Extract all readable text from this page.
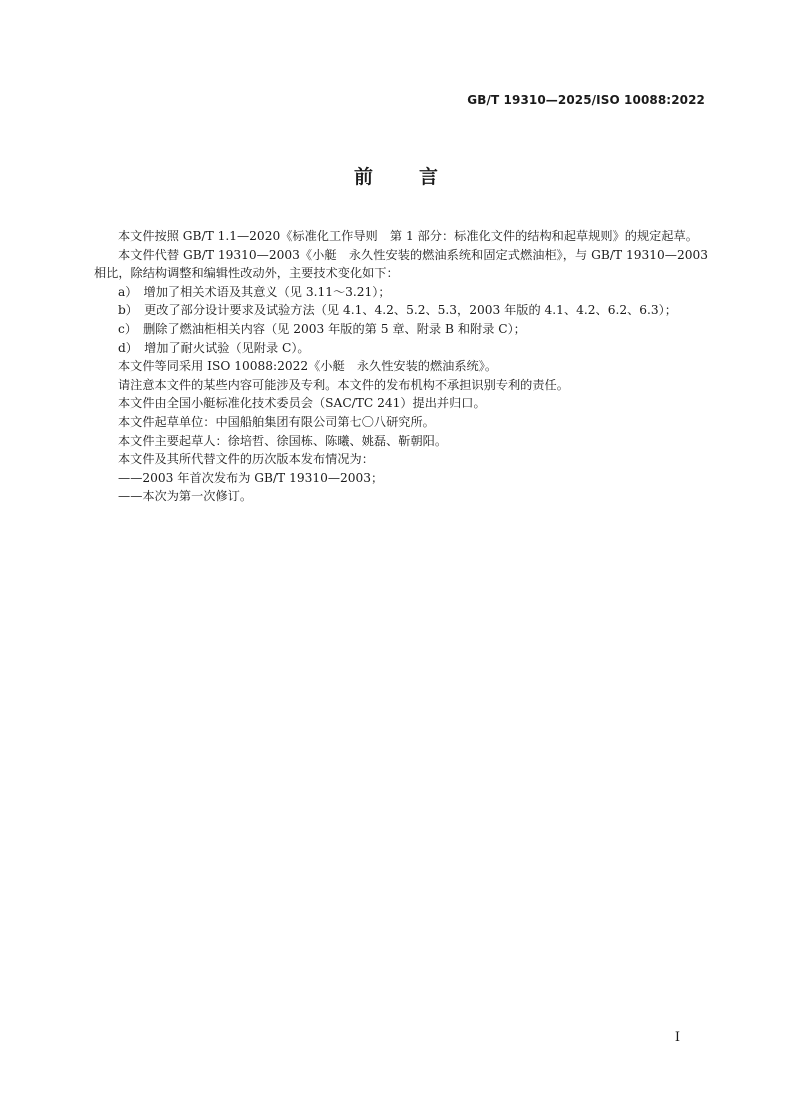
GB/T 19310—2025/ISO 10088:2022
前言

本文件按照 GB/T 1.1—2020《标准化工作导则　第 1 部分：标准化文件的结构和起草规则》的规定起草。

本文件代替 GB/T 19310—2003《小艇　永久性安装的燃油系统和固定式燃油柜》，与 GB/T 19310—2003 相比，除结构调整和编辑性改动外，主要技术变化如下：

a）　增加了相关术语及其意义（见 3.11～3.21）；

b）　更改了部分设计要求及试验方法（见 4.1、4.2、5.2、5.3，2003 年版的 4.1、4.2、6.2、6.3）；

c）　删除了燃油柜相关内容（见 2003 年版的第 5 章、附录 B 和附录 C）；

d）　增加了耐火试验（见附录 C）。

本文件等同采用 ISO 10088:2022《小艇　永久性安装的燃油系统》。

请注意本文件的某些内容可能涉及专利。本文件的发布机构不承担识别专利的责任。

本文件由全国小艇标准化技术委员会（SAC/TC 241）提出并归口。

本文件起草单位：中国船舶集团有限公司第七〇八研究所。

本文件主要起草人：徐培哲、徐国栋、陈曦、姚磊、靳朝阳。

本文件及其所代替文件的历次版本发布情况为：

——2003 年首次发布为 GB/T 19310—2003；

——本次为第一次修订。

I
